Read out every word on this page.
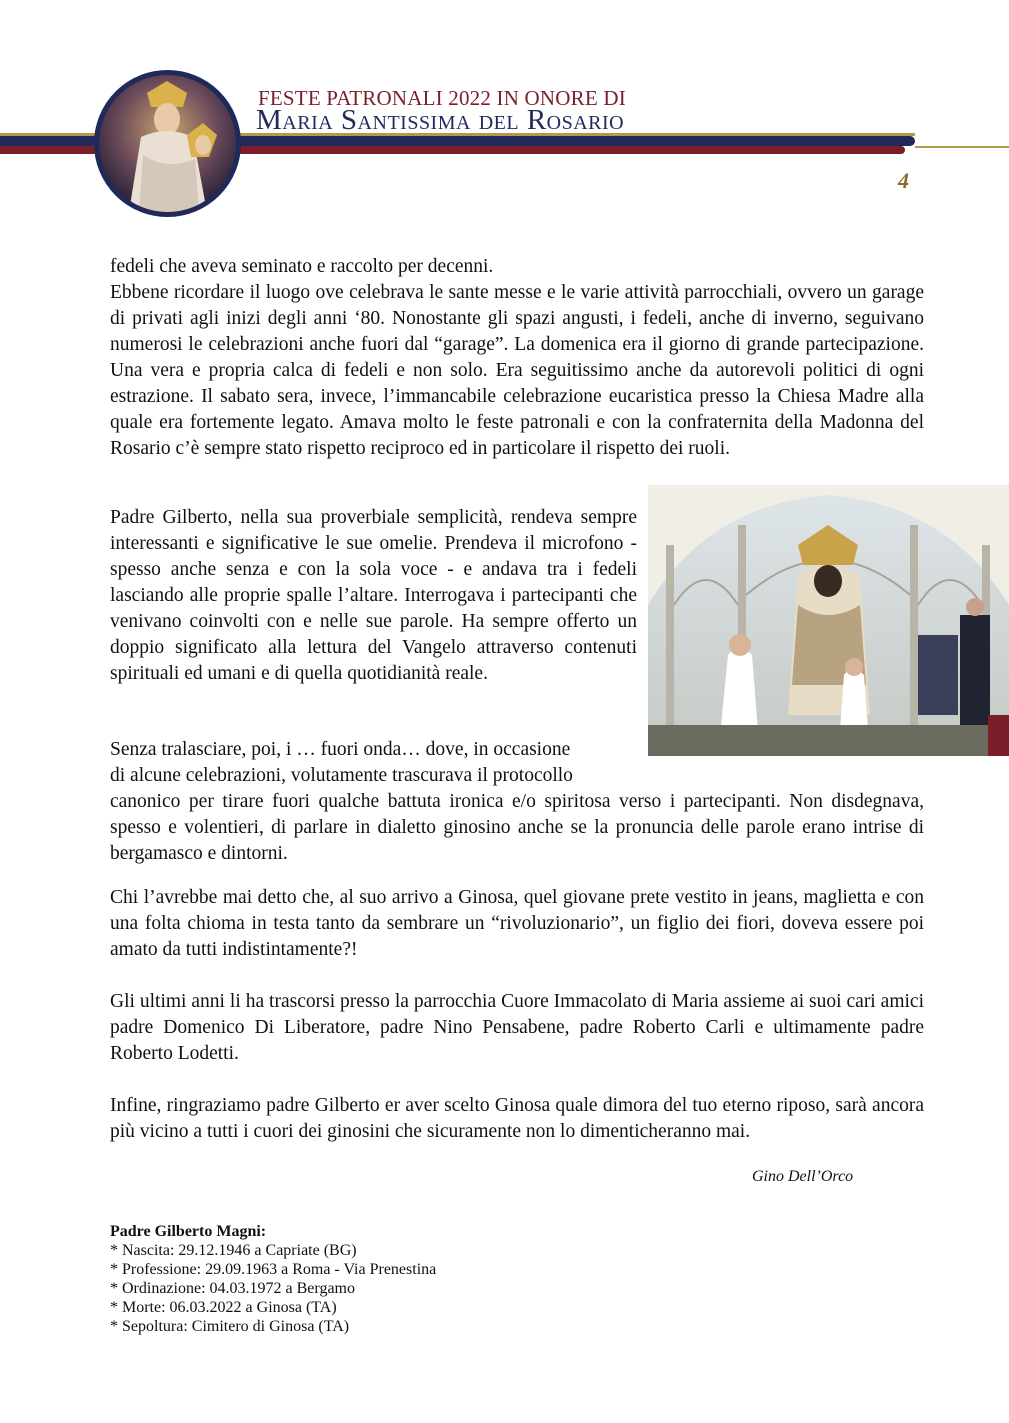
FESTE PATRONALI 2022 IN ONORE DI
Maria Santissima del Rosario
4
fedeli che aveva seminato e raccolto per decenni.
Ebbene ricordare il luogo ove celebrava le sante messe e le varie attività parrocchiali, ovvero un garage di privati agli inizi degli anni ‘80. Nonostante gli spazi angusti, i fedeli, anche di inverno, seguivano numerosi le celebrazioni anche fuori dal “garage”. La domenica era il giorno di grande partecipazione. Una vera e propria calca di fedeli e non solo. Era seguitissimo anche da autorevoli politici di ogni estrazione. Il sabato sera, invece, l’immancabile celebrazione eucaristica presso la Chiesa Madre alla quale era fortemente legato. Amava molto le feste patronali e con la confraternita della Madonna del Rosario c’è sempre stato rispetto reciproco ed in particolare il rispetto dei ruoli.
Padre Gilberto, nella sua proverbiale semplicità, rendeva sempre interessanti e significative le sue omelie. Prendeva il microfono - spesso anche senza e con la sola voce - e andava tra i fedeli lasciando alle proprie spalle l’altare. Interrogava i partecipanti che venivano coinvolti con e nelle sue parole. Ha sempre offerto un doppio significato alla lettura del Vangelo attraverso contenuti spirituali ed umani e di quella quotidianità reale.
Senza tralasciare, poi, i … fuori onda… dove, in occasione
di alcune celebrazioni, volutamente trascurava il protocollo
canonico per tirare fuori qualche battuta ironica e/o spiritosa verso i partecipanti. Non disdegnava, spesso e volentieri, di parlare in dialetto ginosino anche se la pronuncia delle parole erano intrise di bergamasco e dintorni.
Chi l’avrebbe mai detto che, al suo arrivo a Ginosa, quel giovane prete vestito in jeans, maglietta e con una folta chioma in testa tanto da sembrare un “rivoluzionario”, un figlio dei fiori, doveva essere poi amato da tutti indistintamente?!
Gli ultimi anni li ha trascorsi presso la parrocchia Cuore Immacolato di Maria assieme ai suoi cari amici padre Domenico Di Liberatore, padre Nino Pensabene, padre Roberto Carli e ultimamente padre Roberto Lodetti.
Infine, ringraziamo padre Gilberto er aver scelto Ginosa quale dimora del tuo eterno riposo, sarà ancora più vicino a tutti i cuori dei ginosini che sicuramente non lo dimenticheranno mai.
Gino Dell’Orco
Padre Gilberto Magni:
* Nascita: 29.12.1946 a Capriate (BG)
* Professione: 29.09.1963 a Roma - Via Prenestina
* Ordinazione: 04.03.1972 a Bergamo
* Morte: 06.03.2022 a Ginosa (TA)
* Sepoltura: Cimitero di Ginosa (TA)
